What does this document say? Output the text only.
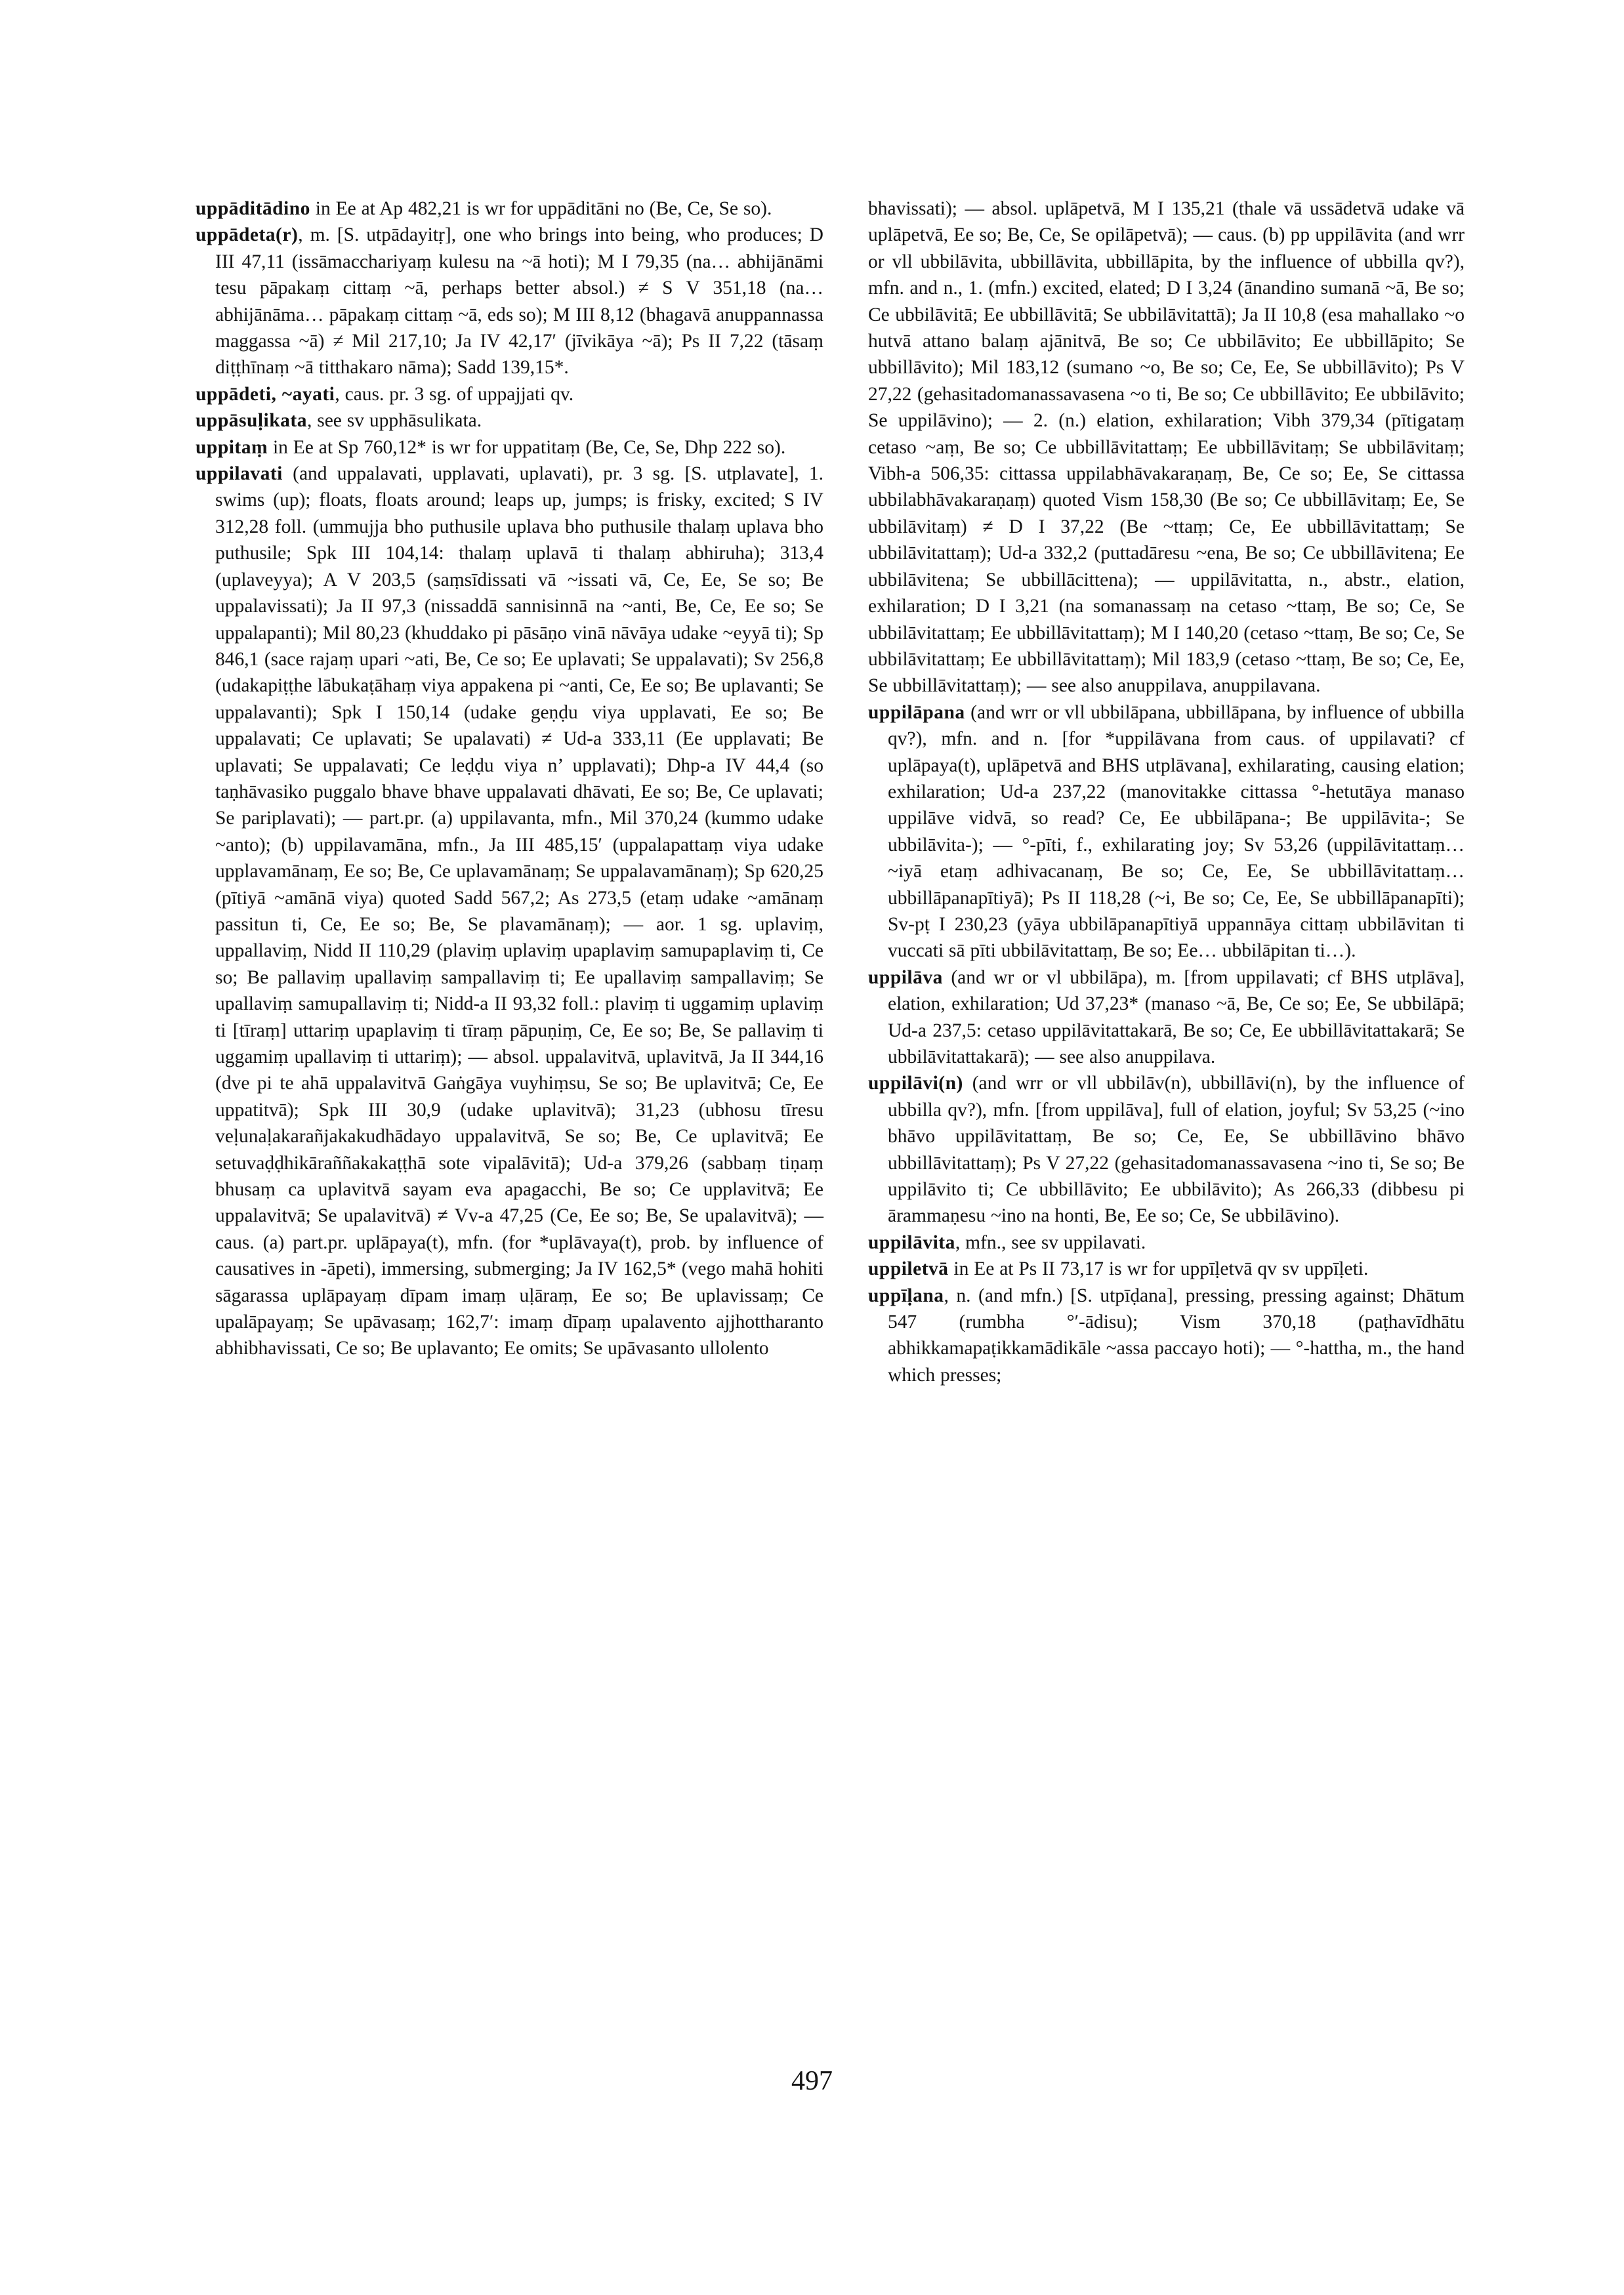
uppāditādino in Ee at Ap 482,21 is wr for uppāditāni no (Be, Ce, Se so).

uppādeta(r), m. [S. utpādayitṛ], one who brings into being, who produces; D III 47,11 (issāmacchariyaṃ kulesu na ~ā hoti); M I 79,35 (na… abhijānāmi tesu pāpakaṃ cittaṃ ~ā, perhaps better absol.) ≠ S V 351,18 (na… abhijānāma… pāpakaṃ cittaṃ ~ā, eds so); M III 8,12 (bhagavā anuppannassa maggassa ~ā) ≠ Mil 217,10; Ja IV 42,17′ (jīvikāya ~ā); Ps II 7,22 (tāsaṃ diṭṭhīnaṃ ~ā titthakaro nāma); Sadd 139,15*.

uppādeti, ~ayati, caus. pr. 3 sg. of uppajjati qv.

uppāsuḷikata, see sv upphāsulikata.

uppitaṃ in Ee at Sp 760,12* is wr for uppatitaṃ (Be, Ce, Se, Dhp 222 so).

uppilavati (and uppalavati, upplavati, uplavati), pr. 3 sg. [S. utplavate], 1. swims (up); floats, floats around; leaps up, jumps; is frisky, excited; S IV 312,28 foll. (ummujja bho puthusile uplava bho puthusile thalaṃ uplava bho puthusile; Spk III 104,14: thalaṃ uplavā ti thalaṃ abhiruha); 313,4 (uplaveyya); A V 203,5 (saṃsīdissati vā ~issati vā, Ce, Ee, Se so; Be uppalavissati); Ja II 97,3 (nissaddā sannisinnā na ~anti, Be, Ce, Ee so; Se uppalapanti); Mil 80,23 (khuddako pi pāsāṇo vinā nāvāya udake ~eyyā ti); Sp 846,1 (sace rajaṃ upari ~ati, Be, Ce so; Ee uplavati; Se uppalavati); Sv 256,8 (udakapiṭṭhe lābukaṭāhaṃ viya appakena pi ~anti, Ce, Ee so; Be uplavanti; Se uppalavanti); Spk I 150,14 (udake geṇḍu viya upplavati, Ee so; Be uppalavati; Ce uplavati; Se upalavati) ≠ Ud-a 333,11 (Ee upplavati; Be uplavati; Se uppalavati; Ce leḍḍu viya n’ upplavati); Dhp-a IV 44,4 (so taṇhāvasiko puggalo bhave bhave uppalavati dhāvati, Ee so; Be, Ce uplavati; Se pariplavati); — part.pr. (a) uppilavanta, mfn., Mil 370,24 (kummo udake ~anto); (b) uppilavamāna, mfn., Ja III 485,15′ (uppalapattaṃ viya udake upplavamānaṃ, Ee so; Be, Ce uplavamānaṃ; Se uppalavamānaṃ); Sp 620,25 (pītiyā ~amānā viya) quoted Sadd 567,2; As 273,5 (etaṃ udake ~amānaṃ passitun ti, Ce, Ee so; Be, Se plavamānaṃ); — aor. 1 sg. uplaviṃ, uppallaviṃ, Nidd II 110,29 (plaviṃ uplaviṃ upaplaviṃ samupaplaviṃ ti, Ce so; Be pallaviṃ upallaviṃ sampallaviṃ ti; Ee upallaviṃ sampallaviṃ; Se upallaviṃ samupallaviṃ ti; Nidd-a II 93,32 foll.: plaviṃ ti uggamiṃ uplaviṃ ti [tīraṃ] uttariṃ upaplaviṃ ti tīraṃ pāpuṇiṃ, Ce, Ee so; Be, Se pallaviṃ ti uggamiṃ upallaviṃ ti uttariṃ); — absol. uppalavitvā, uplavitvā, Ja II 344,16 (dve pi te ahā uppalavitvā Gaṅgāya vuyhiṃsu, Se so; Be uplavitvā; Ce, Ee uppatitvā); Spk III 30,9 (udake uplavitvā); 31,23 (ubhosu tīresu veḷunaḷakarañjakakudhādayo uppalavitvā, Se so; Be, Ce uplavitvā; Ee setuvaḍḍhikāraññakakaṭṭhā sote vipalāvitā); Ud-a 379,26 (sabbaṃ tiṇaṃ bhusaṃ ca uplavitvā sayam eva apagacchi, Be so; Ce upplavitvā; Ee uppalavitvā; Se upalavitvā) ≠ Vv-a 47,25 (Ce, Ee so; Be, Se upalavitvā); — caus. (a) part.pr. uplāpaya(t), mfn. (for *uplāvaya(t), prob. by influence of causatives in -āpeti), immersing, submerging; Ja IV 162,5* (vego mahā hohiti sāgarassa uplāpayaṃ dīpam imaṃ uḷāraṃ, Ee so; Be uplavissaṃ; Ce upalāpayaṃ; Se upāvasaṃ; 162,7′: imaṃ dīpaṃ upalavento ajjhottharanto abhibhavissati, Ce so; Be uplavanto; Ee omits; Se upāvasanto ullolento

bhavissati); — absol. uplāpetvā, M I 135,21 (thale vā ussādetvā udake vā uplāpetvā, Ee so; Be, Ce, Se opilāpetvā); — caus. (b) pp uppilāvita (and wrr or vll ubbilāvita, ubbillāvita, ubbillāpita, by the influence of ubbilla qv?), mfn. and n., 1. (mfn.) excited, elated; D I 3,24 (ānandino sumanā ~ā, Be so; Ce ubbilāvitā; Ee ubbillāvitā; Se ubbilāvitattā); Ja II 10,8 (esa mahallako ~o hutvā attano balaṃ ajānitvā, Be so; Ce ubbilāvito; Ee ubbillāpito; Se ubbillāvito); Mil 183,12 (sumano ~o, Be so; Ce, Ee, Se ubbillāvito); Ps V 27,22 (gehasitadomanassavasena ~o ti, Be so; Ce ubbillāvito; Ee ubbilāvito; Se uppilāvino); — 2. (n.) elation, exhilaration; Vibh 379,34 (pītigataṃ cetaso ~aṃ, Be so; Ce ubbillāvitattaṃ; Ee ubbillāvitaṃ; Se ubbilāvitaṃ; Vibh-a 506,35: cittassa uppilabhāvakaraṇaṃ, Be, Ce so; Ee, Se cittassa ubbilabhāvakaraṇaṃ) quoted Vism 158,30 (Be so; Ce ubbillāvitaṃ; Ee, Se ubbilāvitaṃ) ≠ D I 37,22 (Be ~ttaṃ; Ce, Ee ubbillāvitattaṃ; Se ubbilāvitattaṃ); Ud-a 332,2 (puttadāresu ~ena, Be so; Ce ubbillāvitena; Ee ubbilāvitena; Se ubbillācittena); — uppilāvitatta, n., abstr., elation, exhilaration; D I 3,21 (na somanassaṃ na cetaso ~ttaṃ, Be so; Ce, Se ubbilāvitattaṃ; Ee ubbillāvitattaṃ); M I 140,20 (cetaso ~ttaṃ, Be so; Ce, Se ubbilāvitattaṃ; Ee ubbillāvitattaṃ); Mil 183,9 (cetaso ~ttaṃ, Be so; Ce, Ee, Se ubbillāvitattaṃ); — see also anuppilava, anuppilavana.

uppilāpana (and wrr or vll ubbilāpana, ubbillāpana, by influence of ubbilla qv?), mfn. and n. [for *uppilāvana from caus. of uppilavati? cf uplāpaya(t), uplāpetvā and BHS utplāvana], exhilarating, causing elation; exhilaration; Ud-a 237,22 (manovitakke cittassa °-hetutāya manaso uppilāve vidvā, so read? Ce, Ee ubbilāpana-; Be uppilāvita-; Se ubbilāvita-); — °-pīti, f., exhilarating joy; Sv 53,26 (uppilāvitattaṃ… ~iyā etaṃ adhivacanaṃ, Be so; Ce, Ee, Se ubbillāvitattaṃ… ubbillāpanapītiyā); Ps II 118,28 (~i, Be so; Ce, Ee, Se ubbillāpanapīti); Sv-pṭ I 230,23 (yāya ubbilāpanapītiyā uppannāya cittaṃ ubbilāvitan ti vuccati sā pīti ubbilāvitattaṃ, Be so; Ee… ubbilāpitan ti…).

uppilāva (and wr or vl ubbilāpa), m. [from uppilavati; cf BHS utplāva], elation, exhilaration; Ud 37,23* (manaso ~ā, Be, Ce so; Ee, Se ubbilāpā; Ud-a 237,5: cetaso uppilāvitattakarā, Be so; Ce, Ee ubbillāvitattakarā; Se ubbilāvitattakarā); — see also anuppilava.

uppilāvi(n) (and wrr or vll ubbilāv(n), ubbillāvi(n), by the influence of ubbilla qv?), mfn. [from uppilāva], full of elation, joyful; Sv 53,25 (~ino bhāvo uppilāvitattaṃ, Be so; Ce, Ee, Se ubbillāvino bhāvo ubbillāvitattaṃ); Ps V 27,22 (gehasitadomanassavasena ~ino ti, Se so; Be uppilāvito ti; Ce ubbillāvito; Ee ubbilāvito); As 266,33 (dibbesu pi ārammaṇesu ~ino na honti, Be, Ee so; Ce, Se ubbilāvino).

uppilāvita, mfn., see sv uppilavati.

uppiletvā in Ee at Ps II 73,17 is wr for uppīḷetvā qv sv uppīḷeti.

uppīḷana, n. (and mfn.) [S. utpīḍana], pressing, pressing against; Dhātum 547 (rumbha °′-ādisu); Vism 370,18 (paṭhavīdhātu abhikkamapaṭikkamādikāle ~assa paccayo hoti); — °-hattha, m., the hand which presses;

497
